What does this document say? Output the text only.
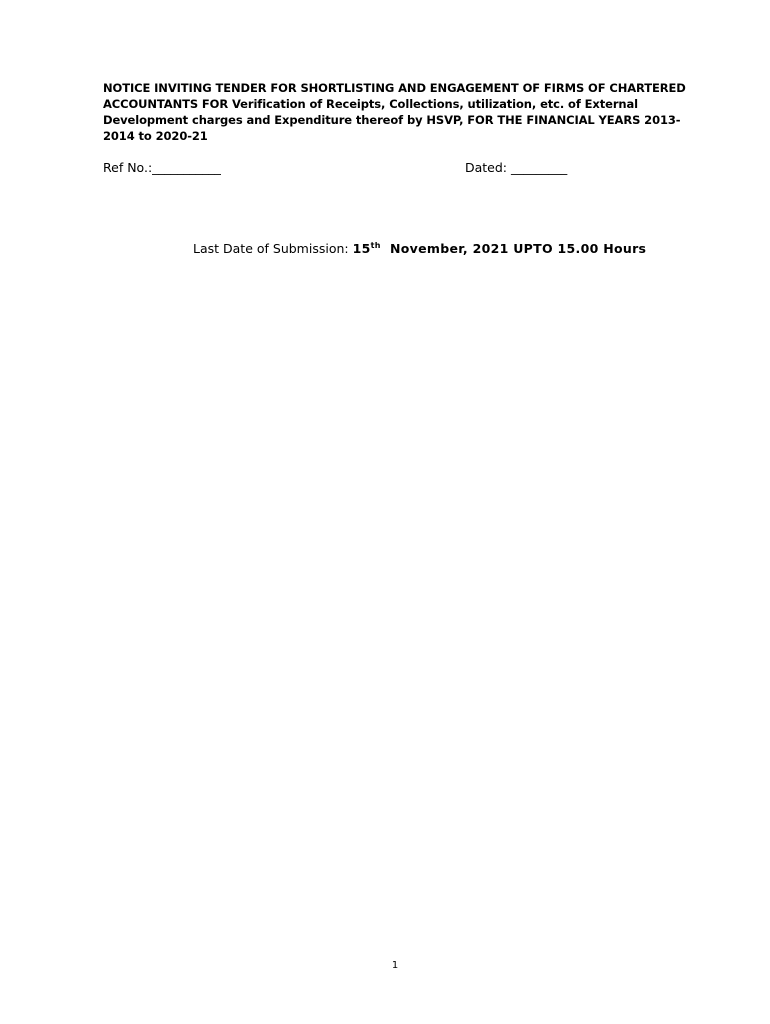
NOTICE INVITING TENDER FOR SHORTLISTING AND ENGAGEMENT OF FIRMS OF CHARTERED ACCOUNTANTS FOR Verification of Receipts, Collections, utilization, etc. of External Development charges and Expenditure thereof by HSVP, FOR THE FINANCIAL YEARS 2013-2014 to 2020-21
Ref No.:___________	Dated: _________
Last Date of Submission: 15th November, 2021 UPTO 15.00 Hours
1
